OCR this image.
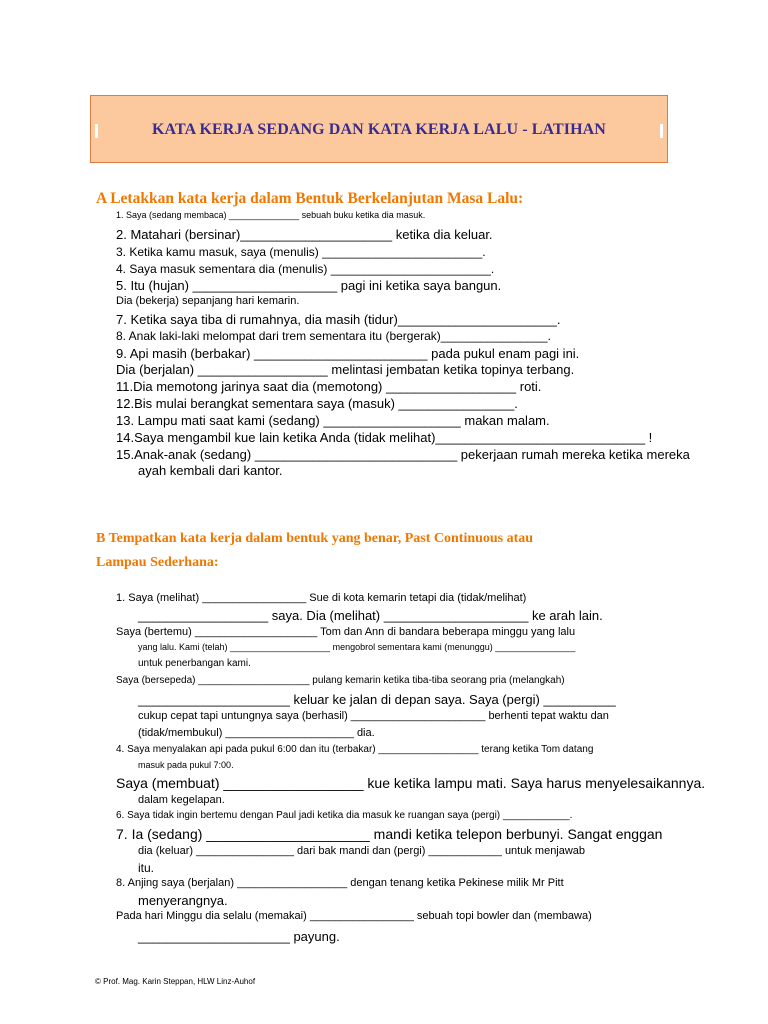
KATA KERJA SEDANG DAN KATA KERJA LALU - LATIHAN
A Letakkan kata kerja dalam Bentuk Berkelanjutan Masa Lalu:
1. Saya (sedang membaca) ______________ sebuah buku ketika dia masuk.
2. Matahari (bersinar)_____________________ ketika dia keluar.
3. Ketika kamu masuk, saya (menulis) ________________________.
4. Saya masuk sementara dia (menulis) ________________________.
5. Itu (hujan) ____________________ pagi ini ketika saya bangun.
Dia (bekerja) sepanjang hari kemarin.
7. Ketika saya tiba di rumahnya, dia masih (tidur)______________________.
8. Anak laki-laki melompat dari trem sementara itu (bergerak)________________.
9. Api masih (berbakar) ________________________ pada pukul enam pagi ini.
Dia (berjalan) __________________ melintasi jembatan ketika topinya terbang.
11.Dia memotong jarinya saat dia (memotong) __________________ roti.
12.Bis mulai berangkat sementara saya (masuk) ________________.
13. Lampu mati saat kami (sedang) ___________________ makan malam.
14.Saya mengambil kue lain ketika Anda (tidak melihat)_____________________________ !
15.Anak-anak (sedang) ____________________________ pekerjaan rumah mereka ketika mereka
ayah kembali dari kantor.
B Tempatkan kata kerja dalam bentuk yang benar, Past Continuous atau
Lampau Sederhana:
1. Saya (melihat) _________________ Sue di kota kemarin tetapi dia (tidak/melihat)
__________________ saya. Dia (melihat) ____________________ ke arah lain.
Saya (bertemu) ____________________ Tom dan Ann di bandara beberapa minggu yang lalu
yang lalu. Kami (telah) ____________________ mengobrol sementara kami (menunggu) ________________
untuk penerbangan kami.
Saya (bersepeda) ____________________ pulang kemarin ketika tiba-tiba seorang pria (melangkah)
_____________________ keluar ke jalan di depan saya. Saya (pergi) __________
cukup cepat tapi untungnya saya (berhasil) ______________________ berhenti tepat waktu dan
(tidak/membukul) _____________________ dia.
4. Saya menyalakan api pada pukul 6:00 dan itu (terbakar) __________________ terang ketika Tom datang
masuk pada pukul 7:00.
Saya (membuat) __________________ kue ketika lampu mati. Saya harus menyelesaikannya.
dalam kegelapan.
6. Saya tidak ingin bertemu dengan Paul jadi ketika dia masuk ke ruangan saya (pergi) ____________.
7. Ia (sedang) _____________________ mandi ketika telepon berbunyi. Sangat enggan
dia (keluar) ________________ dari bak mandi dan (pergi) ____________ untuk menjawab
itu.
8. Anjing saya (berjalan) __________________ dengan tenang ketika Pekinese milik Mr Pitt
menyerangnya.
Pada hari Minggu dia selalu (memakai) _________________ sebuah topi bowler dan (membawa)
_____________________ payung.
© Prof. Mag. Karin Steppan, HLW Linz-Auhof
